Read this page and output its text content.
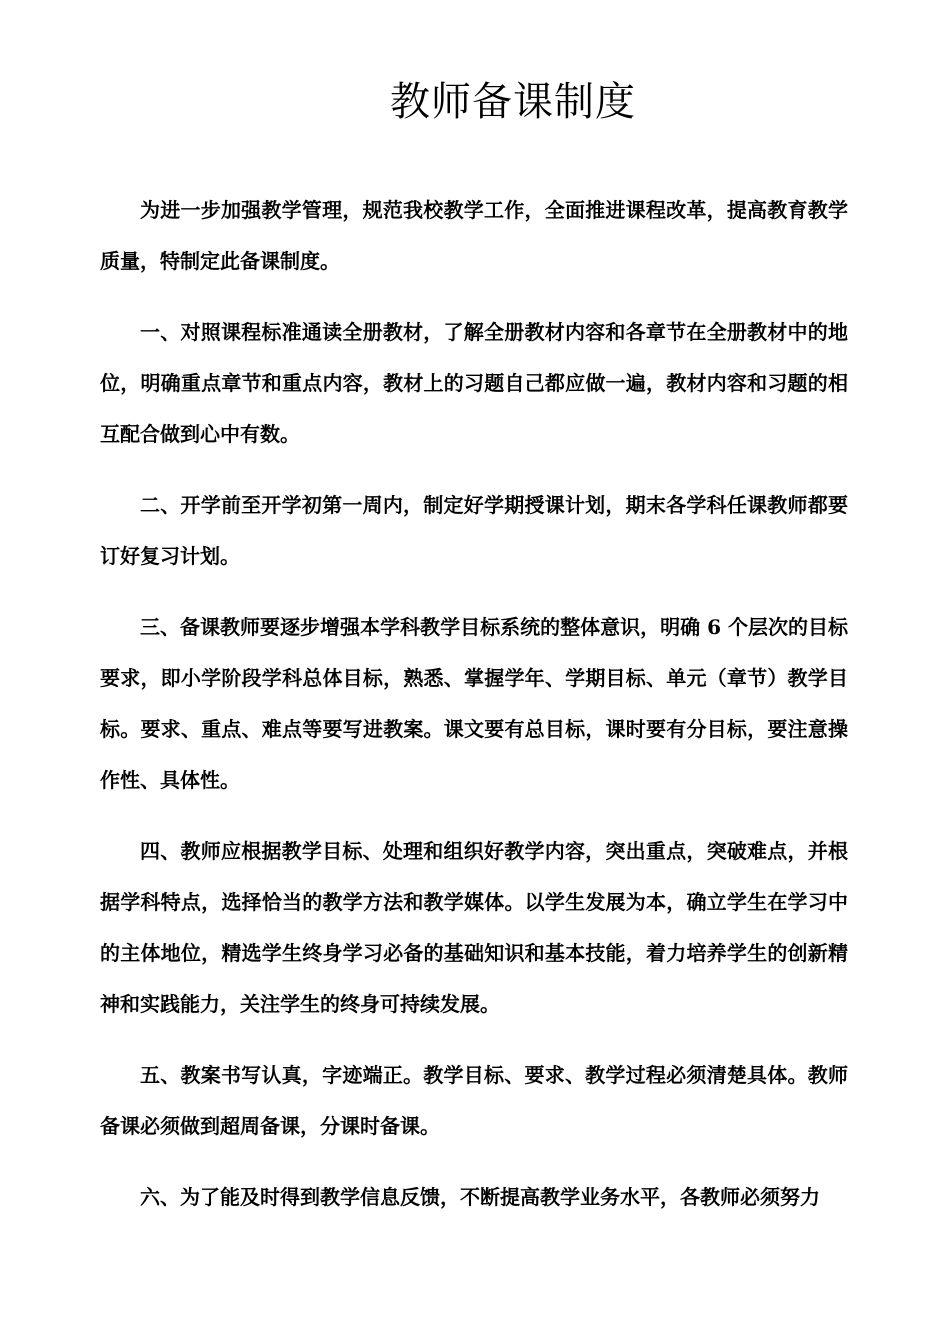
教师备课制度

为进一步加强教学管理，规范我校教学工作，全面推进课程改革，提高教育教学质量，特制定此备课制度。

一、对照课程标准通读全册教材，了解全册教材内容和各章节在全册教材中的地位，明确重点章节和重点内容，教材上的习题自己都应做一遍，教材内容和习题的相互配合做到心中有数。

二、开学前至开学初第一周内，制定好学期授课计划，期末各学科任课教师都要订好复习计划。

三、备课教师要逐步增强本学科教学目标系统的整体意识，明确 6 个层次的目标要求，即小学阶段学科总体目标，熟悉、掌握学年、学期目标、单元（章节）教学目标。要求、重点、难点等要写进教案。课文要有总目标，课时要有分目标，要注意操作性、具体性。

四、教师应根据教学目标、处理和组织好教学内容，突出重点，突破难点，并根据学科特点，选择恰当的教学方法和教学媒体。以学生发展为本，确立学生在学习中的主体地位，精选学生终身学习必备的基础知识和基本技能，着力培养学生的创新精神和实践能力，关注学生的终身可持续发展。

五、教案书写认真，字迹端正。教学目标、要求、教学过程必须清楚具体。教师备课必须做到超周备课，分课时备课。

六、为了能及时得到教学信息反馈，不断提高教学业务水平，各教师必须努力
